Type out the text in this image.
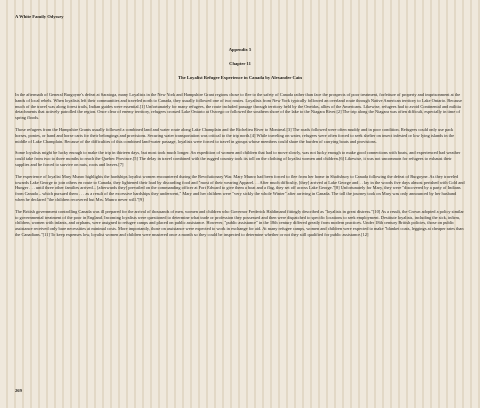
A White Family Odyssey
Appendix 5
Chapter 11
The Loyalist Refugee Experience in Canada by Alexander Cain

In the aftermath of General Burgoyne's defeat at Saratoga, many Loyalists in the New York and Hampshire Grant regions chose to flee to the safety of Canada rather than face the prospects of poor treatment, forfeiture of property and imprisonment at the hands of local rebels. When loyalists left their communities and traveled north to Canada, they usually followed one of two routes. Loyalists from New York typically followed an overland route through Native American territory to Lake Ontario. Because much of the travel was along forest trails, Indian guides were essential.[1] Unfortunately for many refugees, the route included passage through territory held by the Oneidas, allies of the Americans. Likewise, refugees had to avoid Continental and militia detachments that actively patrolled the region. Once clear of enemy territory, refugees crossed Lake Ontario at Oswego or followed the southern shore of the lake to the Niagara River.[2] The trip along the Niagara was often difficult, especially in time of spring floods.

Those refugees from the Hampshire Grants usually followed a combined land and water route along Lake Champlain and the Richelieu River to Montreal.[3] The roads followed were often muddy and in poor condition. Refugees could only use pack horses, ponies, or hand and horse carts for their belongings and provisions. Securing water transportation was critical to the trip north.[4] While traveling on water, refugees were often forced to seek shelter on insect infested or low lying islands in the middle of Lake Champlain. Because of the difficulties of this combined land-water passage, loyalists were forced to travel in groups whose members could share the burden of carrying boats and provisions.

Some loyalists might be lucky enough to make the trip in thirteen days, but most took much longer. An expedition of women and children that had to move slowly, was not lucky enough to make good connections with boats, and experienced bad weather could take from two to three months to reach the Quebec Province.[5] The delay in travel combined with the rugged country took its toll on the clothing of loyalist women and children.[6] Likewise, it was not uncommon for refugees to exhaust their supplies and be forced to survive on nuts, roots and leaves.[7]

The experience of loyalist Mary Munro highlights the hardships loyalist women encountered during the Revolutionary War. Mary Munro had been forced to flee from her home in Shaftsbury to Canada following the defeat of Burgoyne. As they traveled towards Lake George to join others en route to Canada, they lightened their load by discarding food and "most of their wearing Apparel. . . After much difficulty, [they] arrived at Lake George and . . lay in the woods five days almost perished with Cold and Hunger . . . until three other families arrived... [afterwards they] prevailed on the commanding officer at Fort Edward to give them a boat and a flag, they set off across Lake George."[8] Unfortunately for Mary, they were "discovered by a party of Indians from Canada – which pursued them . . . as a result of the excessive hardships they underwent," Mary and her children were "very sickly the whole Winter" after arriving in Canada. The toll the journey took on Mary was only announced by her husband when he declared "the children recovered but Mrs. Munro never will."[9]

The British government controlling Canada was ill prepared for the arrival of thousands of men, women and children who Governor Frederick Haldimand fittingly described as "loyalists in great distress."[10] As a result, the Crown adopted a policy similar to governmental treatment of the poor in England. Incoming loyalists were questioned to determine what trade or profession they possessed and then were dispatched to specific locations to seek employment. Destitute loyalists, including the sick, infirm, children, women with infants, and orphans, were assigned to refugee camps and placed on public assistance. However, "public assistance" in the 18th century differed greatly from modern practices. Under 18th century British policies, those on public assistance received only bare necessities at minimal costs. More importantly, those on assistance were expected to work in exchange for aid. At many refugee camps, women and children were expected to make "blanket coats, leggings at cheaper rates than the Canadians."[11] To keep expenses low, loyalist women and children were mustered once a month so they could be inspected to determine whether or not they still qualified for public assistance.[12]

269
